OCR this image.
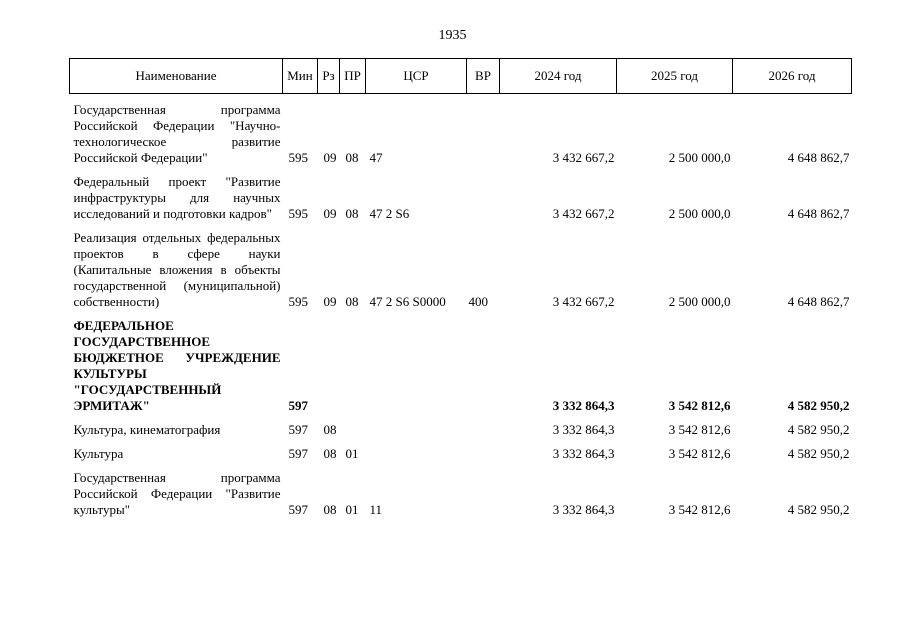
1935
Наименование	Мин	Рз	ПР	ЦСР	ВР	2024 год	2025 год	2026 год
Государственная программа Российской Федерации "Научно-технологическое развитие Российской Федерации"	595	09	08	47		3 432 667,2	2 500 000,0	4 648 862,7
Федеральный проект "Развитие инфраструктуры для научных исследований и подготовки кадров"	595	09	08	47 2 S6		3 432 667,2	2 500 000,0	4 648 862,7
Реализация отдельных федеральных проектов в сфере науки (Капитальные вложения в объекты государственной (муниципальной) собственности)	595	09	08	47 2 S6 S0000	400	3 432 667,2	2 500 000,0	4 648 862,7
ФЕДЕРАЛЬНОЕ ГОСУДАРСТВЕННОЕ БЮДЖЕТНОЕ УЧРЕЖДЕНИЕ КУЛЬТУРЫ "ГОСУДАРСТВЕННЫЙ ЭРМИТАЖ"	597					3 332 864,3	3 542 812,6	4 582 950,2
Культура, кинематография	597	08				3 332 864,3	3 542 812,6	4 582 950,2
Культура	597	08	01			3 332 864,3	3 542 812,6	4 582 950,2
Государственная программа Российской Федерации "Развитие культуры"	597	08	01	11		3 332 864,3	3 542 812,6	4 582 950,2
